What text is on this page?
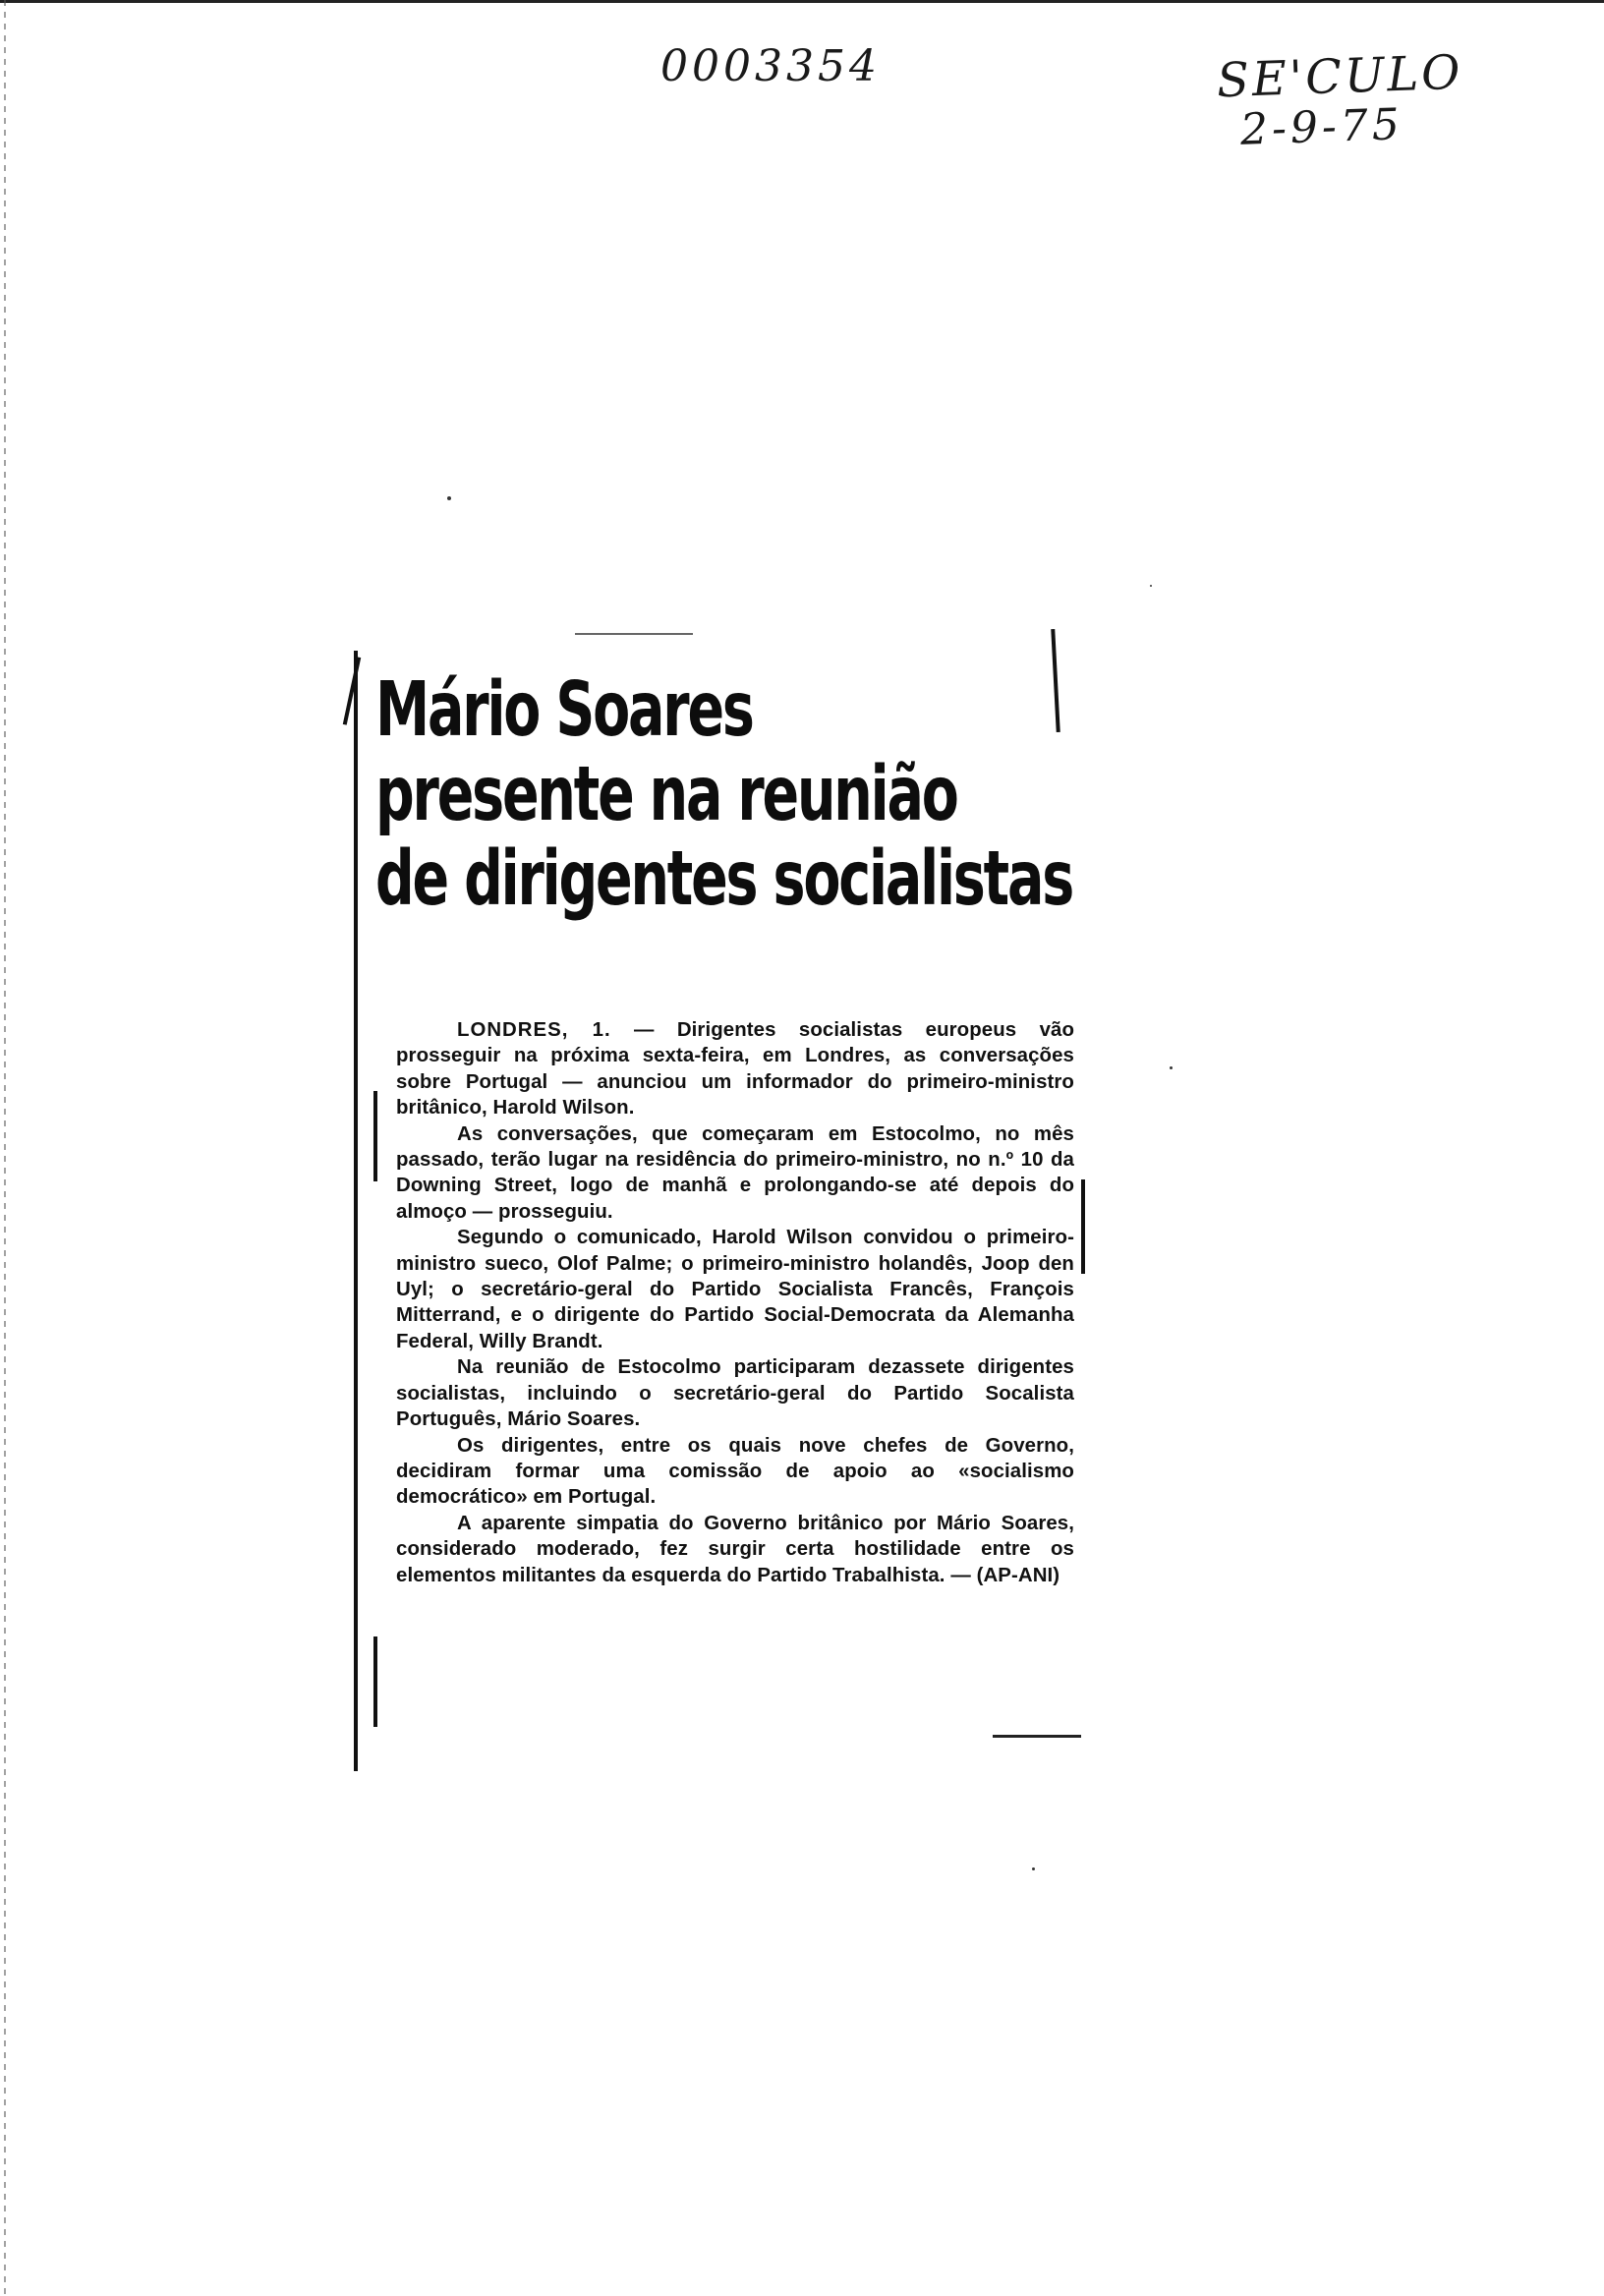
0003354	SE'CULO
2-9-75
Mário Soares
presente na reunião
de dirigentes socialistas

LONDRES, 1. — Dirigentes socialistas europeus vão prosseguir na próxima sexta-feira, em Londres, as conversações sobre Portugal — anunciou um informador do primeiro-ministro britânico, Harold Wilson.

As conversações, que começaram em Estocolmo, no mês passado, terão lugar na residência do primeiro-ministro, no n.º 10 da Downing Street, logo de manhã e prolongando-se até depois do almoço — prosseguiu.

Segundo o comunicado, Harold Wilson convidou o primeiro-ministro sueco, Olof Palme; o primeiro-ministro holandês, Joop den Uyl; o secretário-geral do Partido Socialista Francês, François Mitterrand, e o dirigente do Partido Social-Democrata da Alemanha Federal, Willy Brandt.

Na reunião de Estocolmo participaram dezassete dirigentes socialistas, incluindo o secretário-geral do Partido Socalista Português, Mário Soares.

Os dirigentes, entre os quais nove chefes de Governo, decidiram formar uma comissão de apoio ao «socialismo democrático» em Portugal.

A aparente simpatia do Governo britânico por Mário Soares, considerado moderado, fez surgir certa hostilidade entre os elementos militantes da esquerda do Partido Trabalhista. — (AP-ANI)
